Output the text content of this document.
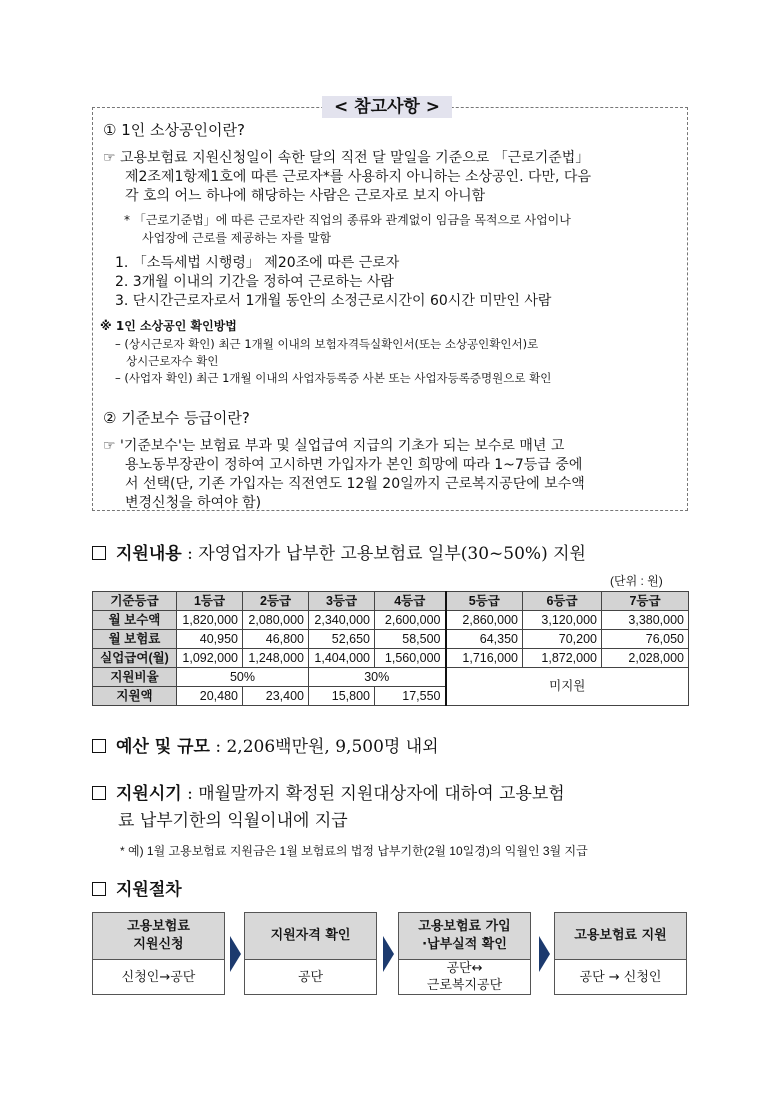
< 참고사항 >
① 1인 소상공인이란?
☞ 고용보험료 지원신청일이 속한 달의 직전 달 말일을 기준으로 「근로기준법」
제2조제1항제1호에 따른 근로자*를 사용하지 아니하는 소상공인. 다만, 다음
각 호의 어느 하나에 해당하는 사람은 근로자로 보지 아니함
* 「근로기준법」에 따른 근로자란 직업의 종류와 관계없이 임금을 목적으로 사업이나
사업장에 근로를 제공하는 자를 말함
1. 「소득세법 시행령」 제20조에 따른 근로자
2. 3개월 이내의 기간을 정하여 근로하는 사람
3. 단시간근로자로서 1개월 동안의 소정근로시간이 60시간 미만인 사람
※ 1인 소상공인 확인방법
– (상시근로자 확인) 최근 1개월 이내의 보험자격득실확인서(또는 소상공인확인서)로
상시근로자수 확인
– (사업자 확인) 최근 1개월 이내의 사업자등록증 사본 또는 사업자등록증명원으로 확인
② 기준보수 등급이란?
☞ '기준보수'는 보험료 부과 및 실업급여 지급의 기초가 되는 보수로 매년 고
용노동부장관이 정하여 고시하면 가입자가 본인 희망에 따라 1~7등급 중에
서 선택(단, 기존 가입자는 직전연도 12월 20일까지 근로복지공단에 보수액
변경신청을 하여야 함)
지원내용 : 자영업자가 납부한 고용보험료 일부(30~50%) 지원
(단위 : 원)
기준등급	1등급	2등급	3등급	4등급	5등급	6등급	7등급
월 보수액	1,820,000	2,080,000	2,340,000	2,600,000	2,860,000	3,120,000	3,380,000
월 보험료	40,950	46,800	52,650	58,500	64,350	70,200	76,050
실업급여(월)	1,092,000	1,248,000	1,404,000	1,560,000	1,716,000	1,872,000	2,028,000
지원비율	50%		30%		미지원		
지원액	20,480	23,400	15,800	17,550			
예산 및 규모 : 2,206백만원, 9,500명 내외
지원시기 : 매월말까지 확정된 지원대상자에 대하여 고용보험
료 납부기한의 익월이내에 지급
* 예) 1월 고용보험료 지원금은 1월 보험료의 법정 납부기한(2월 10일경)의 익월인 3월 지급
지원절차
고용보험료
지원신청
신청인→공단
지원자격 확인
공단
고용보험료 가입
·납부실적 확인
공단↔
근로복지공단
고용보험료 지원
공단 → 신청인
